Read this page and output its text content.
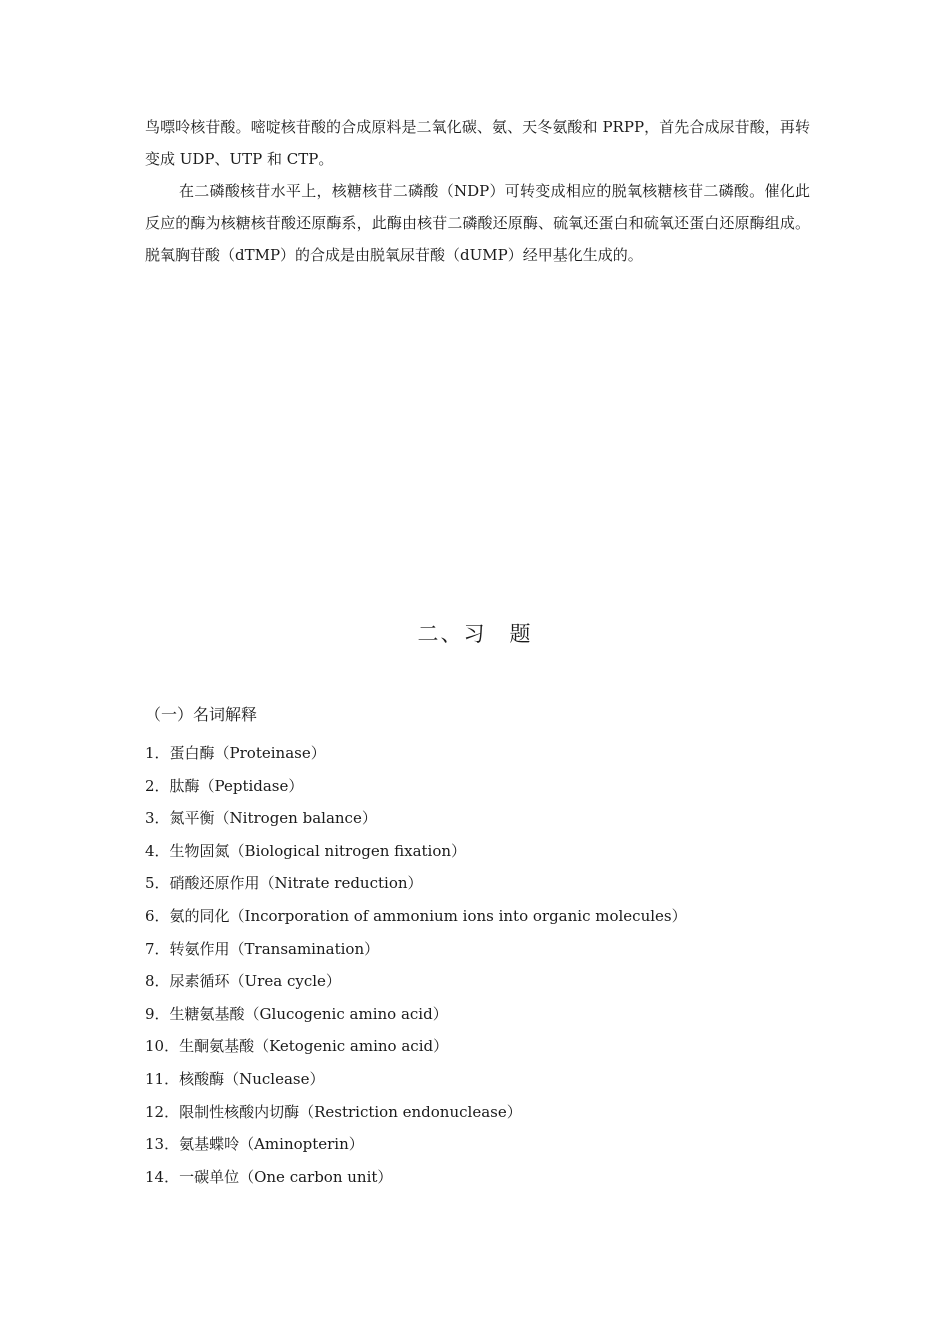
鸟嘌呤核苷酸。嘧啶核苷酸的合成原料是二氧化碳、氨、天冬氨酸和 PRPP，首先合成尿苷酸，再转变成 UDP、UTP 和 CTP。

在二磷酸核苷水平上，核糖核苷二磷酸（NDP）可转变成相应的脱氧核糖核苷二磷酸。催化此反应的酶为核糖核苷酸还原酶系，此酶由核苷二磷酸还原酶、硫氧还蛋白和硫氧还蛋白还原酶组成。脱氧胸苷酸（dTMP）的合成是由脱氧尿苷酸（dUMP）经甲基化生成的。

二、习　题
（一）名词解释
1．蛋白酶（Proteinase）
2．肽酶（Peptidase）
3．氮平衡（Nitrogen balance）
4．生物固氮（Biological nitrogen fixation）
5．硝酸还原作用（Nitrate reduction）
6．氨的同化（Incorporation of ammonium ions into organic molecules）
7．转氨作用（Transamination）
8．尿素循环（Urea cycle）
9．生糖氨基酸（Glucogenic amino acid）
10．生酮氨基酸（Ketogenic amino acid）
11．核酸酶（Nuclease）
12．限制性核酸内切酶（Restriction endonuclease）
13．氨基蝶呤（Aminopterin）
14．一碳单位（One carbon unit）
